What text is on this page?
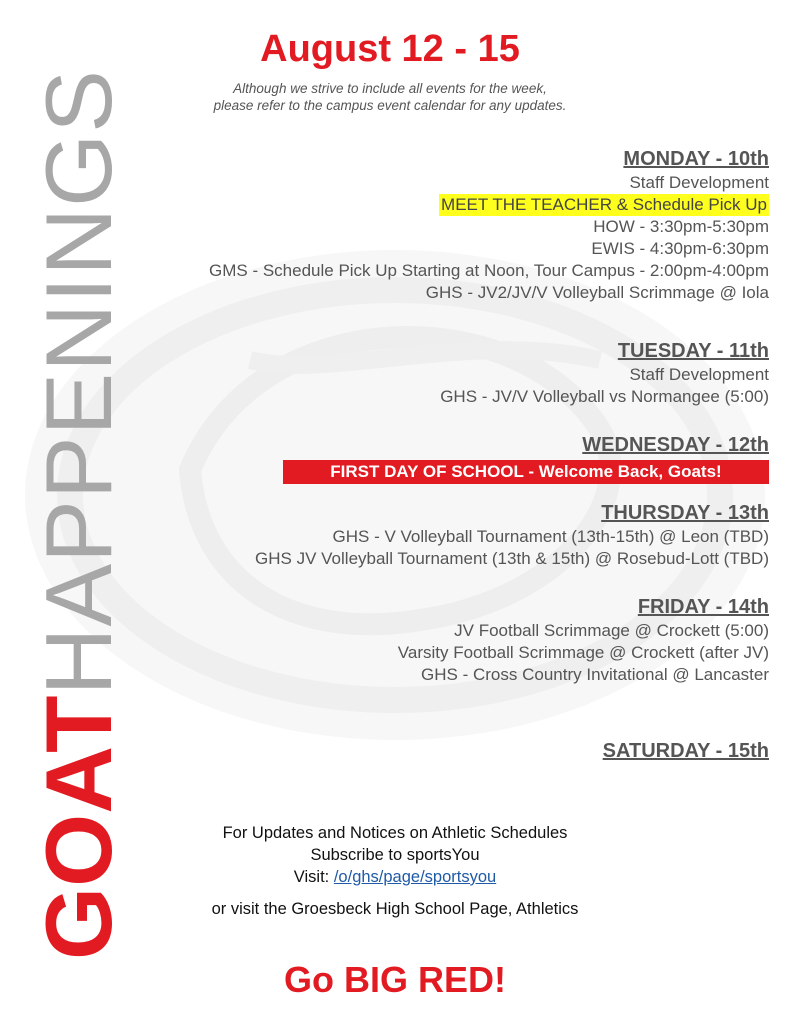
GOATHAPPENINGS
August 12 - 15
Although we strive to include all events for the week,
please refer to the campus event calendar for any updates.
MONDAY - 10th
Staff Development
MEET THE TEACHER & Schedule Pick Up
HOW - 3:30pm-5:30pm
EWIS - 4:30pm-6:30pm
GMS - Schedule Pick Up Starting at Noon, Tour Campus - 2:00pm-4:00pm
GHS - JV2/JV/V Volleyball Scrimmage @ Iola
TUESDAY - 11th
Staff Development
GHS - JV/V Volleyball vs Normangee (5:00)
WEDNESDAY - 12th
FIRST DAY OF SCHOOL - Welcome Back, Goats!
THURSDAY - 13th
GHS - V Volleyball Tournament (13th-15th) @ Leon (TBD)
GHS JV Volleyball Tournament (13th & 15th) @ Rosebud-Lott (TBD)
FRIDAY - 14th
JV Football Scrimmage @ Crockett (5:00)
Varsity Football Scrimmage @ Crockett (after JV)
GHS - Cross Country Invitational @ Lancaster
SATURDAY - 15th
For Updates and Notices on Athletic Schedules
Subscribe to sportsYou
Visit: /o/ghs/page/sportsyou
or visit the Groesbeck High School Page, Athletics
Go BIG RED!
